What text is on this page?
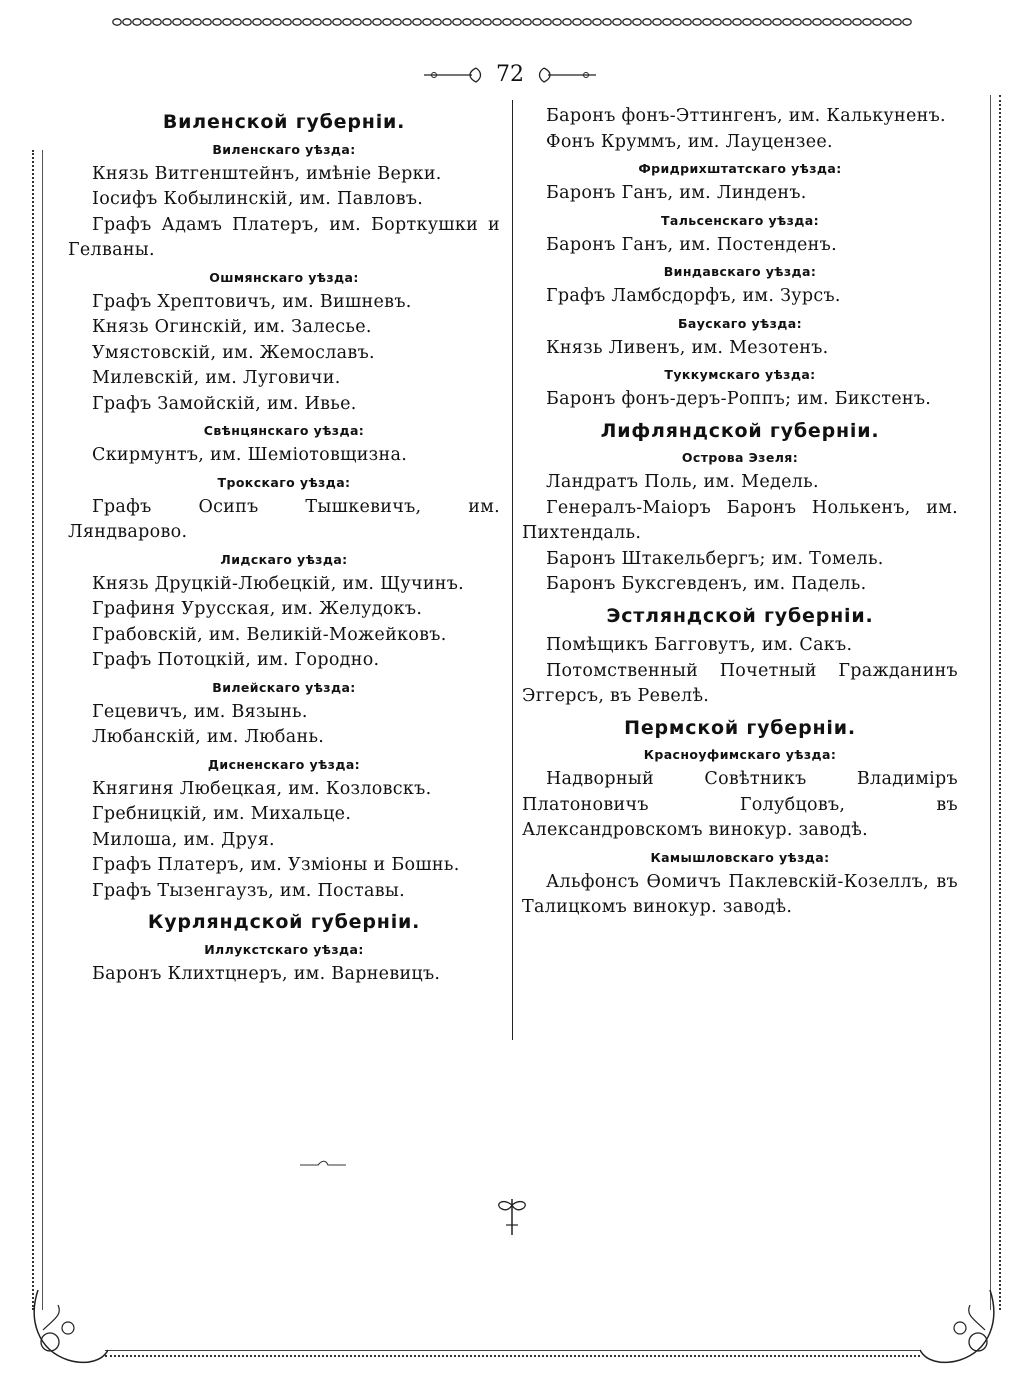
72
Виленской губерніи.
Виленскаго уѣзда:
Князь Витгенштейнъ, имѣніе Верки.
Іосифъ Кобылинскій, им. Павловъ.
Графъ Адамъ Платеръ, им. Борткушки и Гелваны.
Ошмянскаго уѣзда:
Графъ Хрептовичъ, им. Вишневъ.
Князь Огинскій, им. Залесье.
Умястовскій, им. Жемославъ.
Милевскій, им. Луговичи.
Графъ Замойскій, им. Ивье.
Свѣнцянскаго уѣзда:
Скирмунтъ, им. Шеміотовщизна.
Трокскаго уѣзда:
Графъ Осипъ Тышкевичъ, им. Ляндварово.
Лидскаго уѣзда:
Князь Друцкій-Любецкій, им. Щучинъ.
Графиня Урусская, им. Желудокъ.
Грабовскій, им. Великій-Можейковъ.
Графъ Потоцкій, им. Городно.
Вилейскаго уѣзда:
Гецевичъ, им. Вязынь.
Любанскій, им. Любань.
Дисненскаго уѣзда:
Княгиня Любецкая, им. Козловскъ.
Гребницкій, им. Михальце.
Милоша, им. Друя.
Графъ Платеръ, им. Узміоны и Бошнь.
Графъ Тызенгаузъ, им. Поставы.
Курляндской губерніи.
Иллукстскаго уѣзда:
Баронъ Клихтцнеръ, им. Варневицъ.
Баронъ фонъ-Эттингенъ, им. Калькуненъ.
Фонъ Круммъ, им. Лауцензее.
Фридрихштатскаго уѣзда:
Баронъ Ганъ, им. Линденъ.
Тальсенскаго уѣзда:
Баронъ Ганъ, им. Постенденъ.
Виндавскаго уѣзда:
Графъ Ламбсдорфъ, им. Зурсъ.
Баускаго уѣзда:
Князь Ливенъ, им. Мезотенъ.
Туккумскаго уѣзда:
Баронъ фонъ-деръ-Роппъ; им. Бикстенъ.
Лифляндской губерніи.
Острова Эзеля:
Ландратъ Поль, им. Медель.
Генералъ-Маіоръ Баронъ Нолькенъ, им. Пихтендаль.
Баронъ Штакельбергъ; им. Томель.
Баронъ Буксгевденъ, им. Падель.
Эстляндской губерніи.
Помѣщикъ Багговутъ, им. Сакъ.
Потомственный Почетный Гражданинъ Эггерсъ, въ Ревелѣ.
Пермской губерніи.
Красноуфимскаго уѣзда:
Надворный Совѣтникъ Владиміръ Платоновичъ Голубцовъ, въ Александровскомъ винокур. заводѣ.
Камышловскаго уѣзда:
Альфонсъ Ѳомичъ Паклевскій-Козеллъ, въ Талицкомъ винокур. заводѣ.
